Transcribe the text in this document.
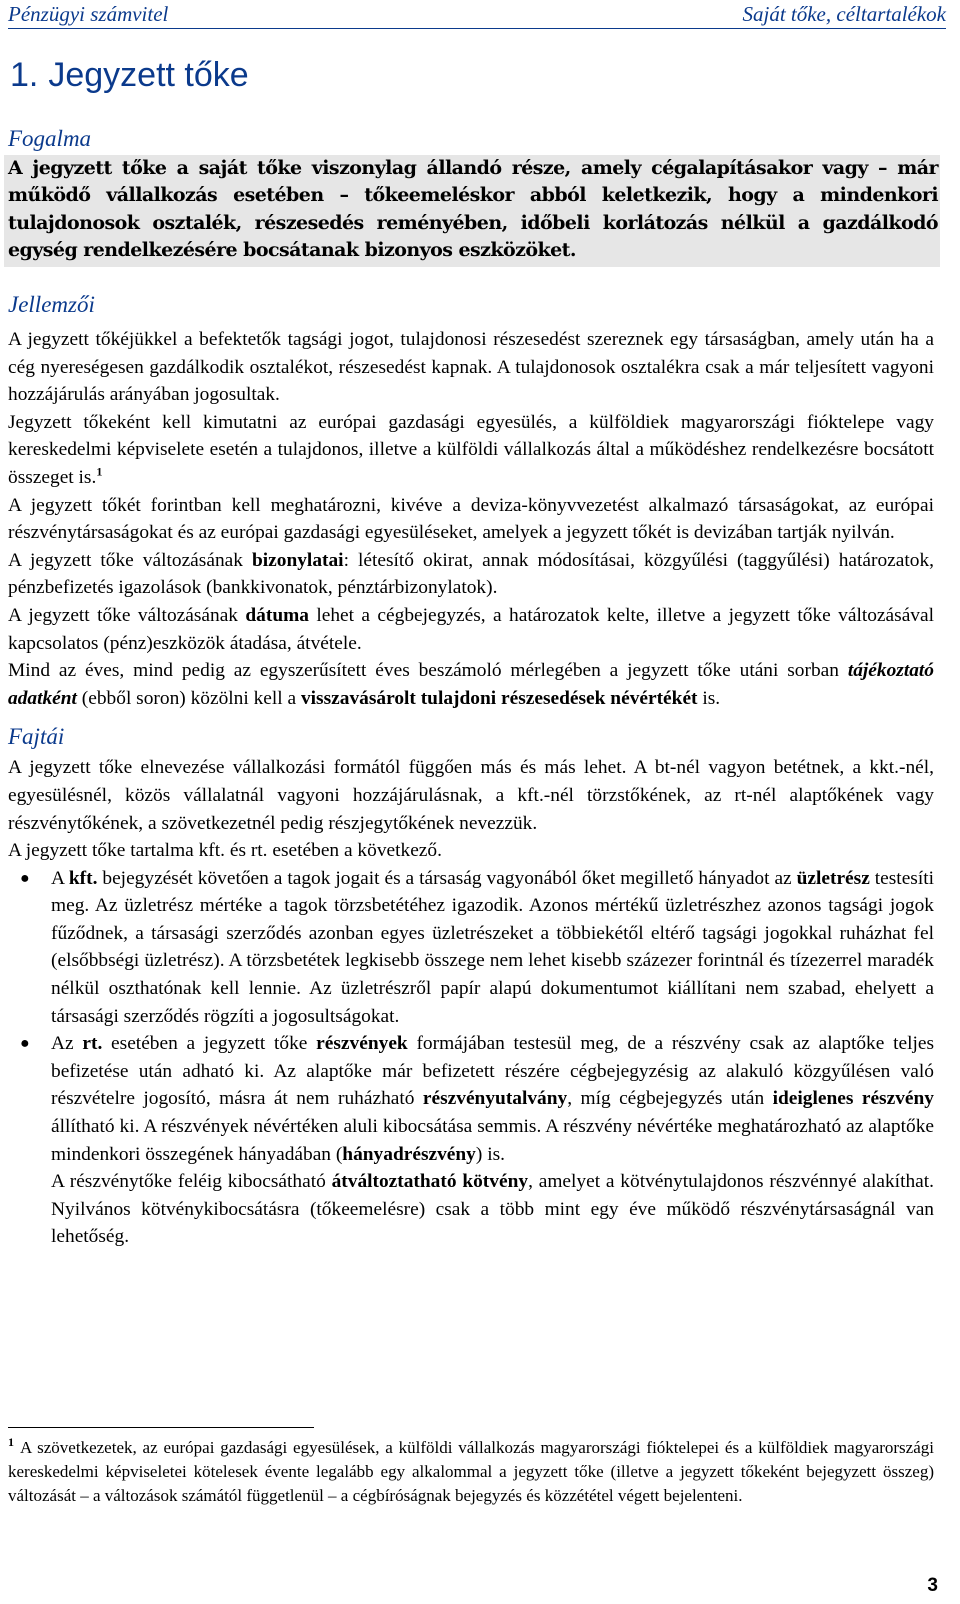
Pénzügyi számvitel	Saját tőke, céltartalékok
1. Jegyzett tőke
Fogalma
A jegyzett tőke a saját tőke viszonylag állandó része, amely cégalapításakor vagy – már működő vállalkozás esetében – tőkeemeléskor abból keletkezik, hogy a mindenkori tulajdonosok osztalék, részesedés reményében, időbeli korlátozás nélkül a gazdálkodó egység rendelkezésére bocsátanak bizonyos eszközöket.
Jellemzői

A jegyzett tőkéjükkel a befektetők tagsági jogot, tulajdonosi részesedést szereznek egy társaságban, amely után ha a cég nyereségesen gazdálkodik osztalékot, részesedést kapnak. A tulajdonosok osztalékra csak a már teljesített vagyoni hozzájárulás arányában jogosultak.

Jegyzett tőkeként kell kimutatni az európai gazdasági egyesülés, a külföldiek magyarországi fióktelepe vagy kereskedelmi képviselete esetén a tulajdonos, illetve a külföldi vállalkozás által a működéshez rendelkezésre bocsátott összeget is.$^1$

A jegyzett tőkét forintban kell meghatározni, kivéve a deviza-könyvvezetést alkalmazó társaságokat, az európai részvénytársaságokat és az európai gazdasági egyesüléseket, amelyek a jegyzett tőkét is devizában tartják nyilván.

A jegyzett tőke változásának bizonylatai: létesítő okirat, annak módosításai, közgyűlési (taggyűlési) határozatok, pénzbefizetés igazolások (bankkivonatok, pénztárbizonylatok).

A jegyzett tőke változásának dátuma lehet a cégbejegyzés, a határozatok kelte, illetve a jegyzett tőke változásával kapcsolatos (pénz)eszközök átadása, átvétele.

Mind az éves, mind pedig az egyszerűsített éves beszámoló mérlegében a jegyzett tőke utáni sorban tájékoztató adatként (ebből soron) közölni kell a visszavásárolt tulajdoni részesedések névértékét is.

Fajtái

A jegyzett tőke elnevezése vállalkozási formától függően más és más lehet. A bt-nél vagyon betétnek, a kkt.-nél, egyesülésnél, közös vállalatnál vagyoni hozzájárulásnak, a kft.-nél törzstőkének, az rt-nél alaptőkének vagy részvénytőkének, a szövetkezetnél pedig részjegytőkének nevezzük.

A jegyzett tőke tartalma kft. és rt. esetében a következő.

● A kft. bejegyzését követően a tagok jogait és a társaság vagyonából őket megillető hányadot az üzletrész testesíti meg. Az üzletrész mértéke a tagok törzsbetétéhez igazodik. Azonos mértékű üzletrészhez azonos tagsági jogok fűződnek, a társasági szerződés azonban egyes üzletrészeket a többiekétől eltérő tagsági jogokkal ruházhat fel (elsőbbségi üzletrész). A törzsbetétek legkisebb összege nem lehet kisebb százezer forintnál és tízezerrel maradék nélkül oszthatónak kell lennie. Az üzletrészről papír alapú dokumentumot kiállítani nem szabad, ehelyett a társasági szerződés rögzíti a jogosultságokat.
● Az rt. esetében a jegyzett tőke részvények formájában testesül meg, de a részvény csak az alaptőke teljes befizetése után adható ki. Az alaptőke már befizetett részére cégbejegyzésig az alakuló közgyűlésen való részvételre jogosító, másra át nem ruházható részvényutalvány, míg cégbejegyzés után ideiglenes részvény állítható ki. A részvények névértéken aluli kibocsátása semmis. A részvény névértéke meghatározható az alaptőke mindenkori összegének hányadában (hányadrészvény) is.

A részvénytőke feléig kibocsátható átváltoztatható kötvény, amelyet a kötvénytulajdonos részvénnyé alakíthat. Nyilvános kötvénykibocsátásra (tőkeemelésre) csak a több mint egy éve működő részvénytársaságnál van lehetőség.

$^1$ A szövetkezetek, az európai gazdasági egyesülések, a külföldi vállalkozás magyarországi fióktelepei és a külföldiek magyarországi kereskedelmi képviseletei kötelesek évente legalább egy alkalommal a jegyzett tőke (illetve a jegyzett tőkeként bejegyzett összeg) változását – a változások számától függetlenül – a cégbíróságnak bejegyzés és közzététel végett bejelenteni.
3
